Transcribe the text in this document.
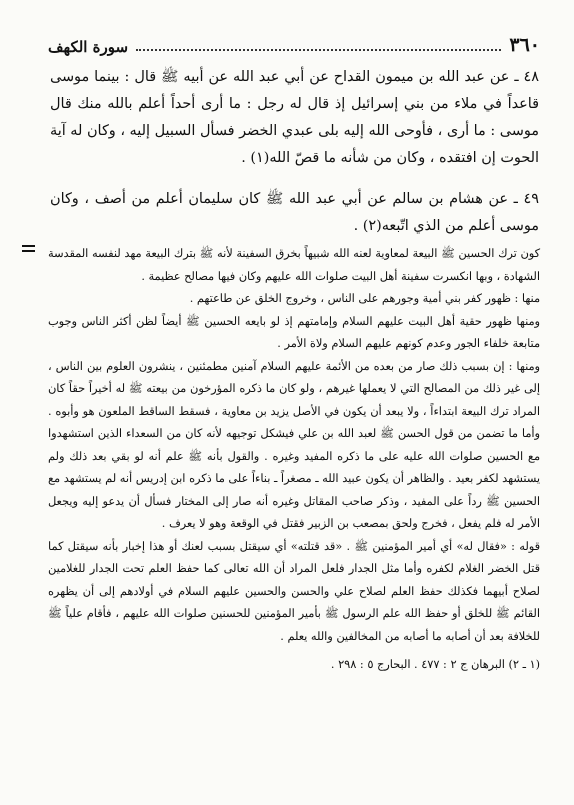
٣٦٠
سورة الكهف

٤٨ ـ عن عبد الله بن ميمون القداح عن أبي عبد الله عن أبيه ﷺ قال : بينما موسى قاعداً في ملاء من بني إسرائيل إذ قال له رجل : ما أرى أحداً أعلم بالله منك قال موسى : ما أرى ، فأوحى الله إليه بلى عبدي الخضر فسأل السبيل إليه ، وكان له آية الحوت إن افتقده ، وكان من شأنه ما قصّ الله(١) .

٤٩ ـ عن هشام بن سالم عن أبي عبد الله ﷺ كان سليمان أعلم من أصف ، وكان موسى أعلم من الذي اتّبعه(٢) .

كون ترك الحسين ﷺ البيعة لمعاوية لعنه الله شبيهاً بخرق السفينة لأنه ﷺ بترك البيعة مهد لنفسه المقدسة الشهادة ، وبها انكسرت سفينة أهل البيت صلوات الله عليهم وكان فيها مصالح عظيمة .

منها : ظهور كفر بني أمية وجورهم على الناس ، وخروج الخلق عن طاعتهم .

ومنها ظهور حقية أهل البيت عليهم السلام وإمامتهم إذ لو بايعه الحسين ﷺ أيضاً لظن أكثر الناس وجوب متابعة خلفاء الجور وعدم كونهم عليهم السلام ولاة الأمر .

ومنها : إن بسبب ذلك صار من بعده من الأئمة عليهم السلام آمنين مطمئنين ، ينشرون العلوم بين الناس ، إلى غير ذلك من المصالح التي لا يعملها غيرهم ، ولو كان ما ذكره المؤرخون من بيعته ﷺ له أخيراً حقاً كان المراد ترك البيعة ابتداءاً ، ولا يبعد أن يكون في الأصل يزيد بن معاوية ، فسقط الساقط الملعون هو وأبوه . وأما ما تضمن من قول الحسن ﷺ لعبد الله بن علي فيشكل توجيهه لأنه كان من السعداء الذين استشهدوا مع الحسين صلوات الله عليه على ما ذكره المفيد وغيره . والقول بأنه ﷺ علم أنه لو بقي بعد ذلك ولم يستشهد لكفر بعيد . والظاهر أن يكون عبيد الله ـ مصغراً ـ بناءاً على ما ذكره ابن إدريس أنه لم يستشهد مع الحسين ﷺ رداً على المفيد ، وذكر صاحب المقاتل وغيره أنه صار إلى المختار فسأل أن يدعو إليه ويجعل الأمر له فلم يفعل ، فخرج ولحق بمصعب بن الزبير فقتل في الوقعة وهو لا يعرف .

قوله : «فقال له» أي أمير المؤمنين ﷺ . «قد قتلته» أي سيقتل بسبب لعنك أو هذا إخبار بأنه سيقتل كما قتل الخضر الغلام لكفره وأما مثل الجدار فلعل المراد أن الله تعالى كما حفظ العلم تحت الجدار للغلامين لصلاح أبيهما فكذلك حفظ العلم لصلاح علي والحسن والحسين عليهم السلام في أولادهم إلى أن يظهره القائم ﷺ للخلق أو حفظ الله علم الرسول ﷺ بأمير المؤمنين للحسنين صلوات الله عليهم ، فأقام علياً ﷺ للخلافة بعد أن أصابه ما أصابه من المخالفين والله يعلم .

(١ ـ ٢) البرهان ج ٢ : ٤٧٧ . البحارج ٥ : ٢٩٨ .
